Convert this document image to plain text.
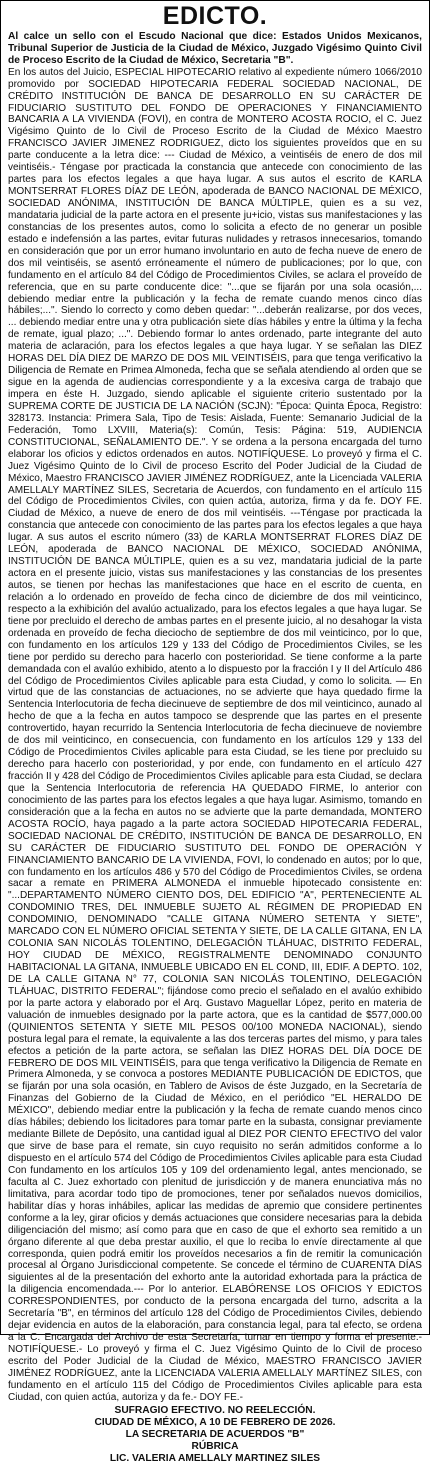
EDICTO.

Al calce un sello con el Escudo Nacional que dice: Estados Unidos Mexicanos, Tribunal Superior de Justicia de la Ciudad de México, Juzgado Vigésimo Quinto Civil de Proceso Escrito de la Ciudad de México, Secretaria "B".

En los autos del Juicio, ESPECIAL HIPOTECARIO relativo al expediente número 1066/2010 promovido por SOCIEDAD HIPOTECARIA FEDERAL SOCIEDAD NACIONAL, DE CRÉDITO INSTITUCIÓN DE BANCA DE DESARROLLO EN SU CARÁCTER DE FIDUCIARIO SUSTITUTO DEL FONDO DE OPERACIONES Y FINANCIAMIENTO BANCARIA A LA VIVIENDA (FOVI), en contra de MONTERO ACOSTA ROCIO, el C. Juez Vigésimo Quinto de lo Civil de Proceso Escrito de la Ciudad de México Maestro FRANCISCO JAVIER JIMENEZ RODRIGUEZ, dicto los siguientes proveídos que en su parte conducente a la letra dice: --- Ciudad de México, a veintiséis de enero de dos mil veintiséis.- Téngase por practicada la constancia que antecede con conocimiento de las partes para los efectos legales a que haya lugar. A sus autos el escrito de KARLA MONTSERRAT FLORES DÍAZ DE LEÓN, apoderada de BANCO NACIONAL DE MÉXICO, SOCIEDAD ANÓNIMA, INSTITUCIÓN DE BANCA MÚLTIPLE, quien es a su vez, mandataria judicial de la parte actora en el presente ju+icio, vistas sus manifestaciones y las constancias de los presentes autos, como lo solicita a efecto de no generar un posible estado e indefensión a las partes, evitar futuras nulidades y retrasos innecesarios, tomando en consideración que por un error humano involuntario en auto de fecha nueve de enero de dos mil veintiséis, se asentó erróneamente el número de publicaciones; por lo que, con fundamento en el artículo 84 del Código de Procedimientos Civiles, se aclara el proveído de referencia, que en su parte conducente dice: "...que se fijarán por una sola ocasión,... debiendo mediar entre la publicación y la fecha de remate cuando menos cinco días hábiles;...". Siendo lo correcto y como deben quedar: "...deberán realizarse, por dos veces, ... debiendo mediar entre una y otra publicación siete días hábiles y entre la última y la fecha de remate, igual plazo; ...". Debiendo formar lo antes ordenado, parte integrante del auto materia de aclaración, para los efectos legales a que haya lugar. Y se señalan las DIEZ HORAS DEL DÍA DIEZ DE MARZO DE DOS MIL VEINTISÉIS, para que tenga verificativo la Diligencia de Remate en Primea Almoneda, fecha que se señala atendiendo al orden que se sigue en la agenda de audiencias correspondiente y a la excesiva carga de trabajo que impera en éste H. Juzgado, siendo aplicable el siguiente criterio sustentado por la SUPREMA CORTE DE JUSTICIA DE LA NACIÓN (SCJN): "Época: Quinta Época, Registro: 328173. Instancia: Primera Sala, Tipo de Tesis: Aislada, Fuente: Semanario Judicial de la Federación, Tomo LXVIII, Materia(s): Común, Tesis: Página: 519, AUDIENCIA CONSTITUCIONAL, SEÑALAMIENTO DE.". Y se ordena a la persona encargada del turno elaborar los oficios y edictos ordenados en autos. NOTIFÍQUESE. Lo proveyó y firma el C. Juez Vigésimo Quinto de lo Civil de proceso Escrito del Poder Judicial de la Ciudad de México, Maestro FRANCISCO JAVIER JIMÉNEZ RODRÍGUEZ, ante la Licenciada VALERIA AMELLALY MARTÍNEZ SILES, Secretaria de Acuerdos, con fundamento en el artículo 115 del Código de Procedimientos Civiles, con quien actúa, autoriza, firma y da fe. DOY FE. Ciudad de México, a nueve de enero de dos mil veintiséis. ---Téngase por practicada la constancia que antecede con conocimiento de las partes para los efectos legales a que haya lugar. A sus autos el escrito número (33) de KARLA MONTSERRAT FLORES DÍAZ DE LEÓN, apoderada de BANCO NACIONAL DE MÉXICO, SOCIEDAD ANÓNIMA, INSTITUCIÓN DE BANCA MÚLTIPLE, quien es a su vez, mandataria judicial de la parte actora en el presente juicio, vistas sus manifestaciones y las constancias de los presentes autos, se tienen por hechas las manifestaciones que hace en el escrito de cuenta, en relación a lo ordenado en proveído de fecha cinco de diciembre de dos mil veinticinco, respecto a la exhibición del avalúo actualizado, para los efectos legales a que haya lugar. Se tiene por precluido el derecho de ambas partes en el presente juicio, al no desahogar la vista ordenada en proveído de fecha dieciocho de septiembre de dos mil veinticinco, por lo que, con fundamento en los artículos 129 y 133 del Código de Procedimientos Civiles, se les tiene por perdido su derecho para hacerlo con posterioridad. Se tiene conforme a la parte demandada con el avalúo exhibido, atento a lo dispuesto por la fracción I y II del Artículo 486 del Código de Procedimientos Civiles aplicable para esta Ciudad, y como lo solicita. — En virtud que de las constancias de actuaciones, no se advierte que haya quedado firme la Sentencia Interlocutoria de fecha diecinueve de septiembre de dos mil veinticinco, aunado al hecho de que a la fecha en autos tampoco se desprende que las partes en el presente controvertido, hayan recurrido la Sentencia Interlocutoria de fecha diecinueve de noviembre de dos mil veinticinco, en consecuencia, con fundamento en los artículos 129 y 133 del Código de Procedimientos Civiles aplicable para esta Ciudad, se les tiene por precluido su derecho para hacerlo con posterioridad, y por ende, con fundamento en el artículo 427 fracción II y 428 del Código de Procedimientos Civiles aplicable para esta Ciudad, se declara que la Sentencia Interlocutoria de referencia HA QUEDADO FIRME, lo anterior con conocimiento de las partes para los efectos legales a que haya lugar. Asimismo, tomando en consideración que a la fecha en autos no se advierte que la parte demandada, MONTERO ACOSTA ROCÍO, haya pagado a la parte actora SOCIEDAD HIPOTECARIA FEDERAL, SOCIEDAD NACIONAL DE CRÉDITO, INSTITUCIÓN DE BANCA DE DESARROLLO, EN SU CARÁCTER DE FIDUCIARIO SUSTITUTO DEL FONDO DE OPERACIÓN Y FINANCIAMIENTO BANCARIO DE LA VIVIENDA, FOVI, lo condenado en autos; por lo que, con fundamento en los artículos 486 y 570 del Código de Procedimientos Civiles, se ordena sacar a remate en PRIMERA ALMONEDA el inmueble hipotecado consistente en: "...DEPARTAMENTO NÚMERO CIENTO DOS, DEL EDIFICIO "A", PERTENECIENTE AL CONDOMINIO TRES, DEL INMUEBLE SUJETO AL RÉGIMEN DE PROPIEDAD EN CONDOMINIO, DENOMINADO "CALLE GITANA NÚMERO SETENTA Y SIETE", MARCADO CON EL NÚMERO OFICIAL SETENTA Y SIETE, DE LA CALLE GITANA, EN LA COLONIA SAN NICOLÁS TOLENTINO, DELEGACIÓN TLÁHUAC, DISTRITO FEDERAL, HOY CIUDAD DE MÉXICO, REGISTRALMENTE DENOMINADO CONJUNTO HABITACIONAL LA GITANA, INMUEBLE UBICADO EN EL COND, III, EDIF. A DEPTO. 102, DE LA CALLE GITANA N° 77, COLONIA SAN NICOLÁS TOLENTINO, DELEGACIÓN TLÁHUAC, DISTRITO FEDERAL"; fijándose como precio el señalado en el avalúo exhibido por la parte actora y elaborado por el Arq. Gustavo Maguellar López, perito en materia de valuación de inmuebles designado por la parte actora, que es la cantidad de $577,000.00 (QUINIENTOS SETENTA Y SIETE MIL PESOS 00/100 MONEDA NACIONAL), siendo postura legal para el remate, la equivalente a las dos terceras partes del mismo, y para tales efectos a petición de la parte actora, se señalan las DIEZ HORAS DEL DÍA DOCE DE FEBRERO DE DOS MIL VEINTISÉIS, para que tenga verificativo la Diligencia de Remate en Primera Almoneda, y se convoca a postores MEDIANTE PUBLICACIÓN DE EDICTOS, que se fijarán por una sola ocasión, en Tablero de Avisos de éste Juzgado, en la Secretaría de Finanzas del Gobierno de la Ciudad de México, en el periódico "EL HERALDO DE MÉXICO", debiendo mediar entre la publicación y la fecha de remate cuando menos cinco días hábiles; debiendo los licitadores para tomar parte en la subasta, consignar previamente mediante Billete de Depósito, una cantidad igual al DIEZ POR CIENTO EFECTIVO del valor que sirve de base para el remate, sin cuyo requisito no serán admitidos conforme a lo dispuesto en el artículo 574 del Código de Procedimientos Civiles aplicable para esta Ciudad Con fundamento en los artículos 105 y 109 del ordenamiento legal, antes mencionado, se faculta al C. Juez exhortado con plenitud de jurisdicción y de manera enunciativa más no limitativa, para acordar todo tipo de promociones, tener por señalados nuevos domicilios, habilitar días y horas inhábiles, aplicar las medidas de apremio que considere pertinentes conforme a la ley, girar oficios y demás actuaciones que considere necesarias para la debida diligenciación del mismo; así como para que en caso de que el exhorto sea remitido a un órgano diferente al que deba prestar auxilio, el que lo reciba lo envíe directamente al que corresponda, quien podrá emitir los proveídos necesarios a fin de remitir la comunicación procesal al Órgano Jurisdiccional competente. Se concede el término de CUARENTA DÍAS siguientes al de la presentación del exhorto ante la autoridad exhortada para la práctica de la diligencia encomendada.--- Por lo anterior. ELABÓRENSE LOS OFICIOS Y EDICTOS CORRESPONDIENTES, por conducto de la persona encargada del turno, adscrita a la Secretaría "B", en términos del artículo 128 del Código de Procedimientos Civiles, debiendo dejar evidencia en autos de la elaboración, para constancia legal, para tal efecto, se ordena a la C. Encargada del Archivo de esta Secretaría, turnar en tiempo y forma el presente.- NOTIFÍQUESE.- Lo proveyó y firma el C. Juez Vigésimo Quinto de lo Civil de proceso escrito del Poder Judicial de la Ciudad de México, MAESTRO FRANCISCO JAVIER JIMÉNEZ RODRÍGUEZ, ante la LICENCIADA VALERIA AMELLALY MARTÍNEZ SILES, con fundamento en el artículo 115 del Código de Procedimientos Civiles aplicable para esta Ciudad, con quien actúa, autoriza y da fe.- DOY FE.-

SUFRAGIO EFECTIVO. NO REELECCIÓN.
CIUDAD DE MÉXICO, A 10 DE FEBRERO DE 2026.
LA SECRETARIA DE ACUERDOS "B"
RÚBRICA
LIC. VALERIA AMELLALY MARTINEZ SILES
